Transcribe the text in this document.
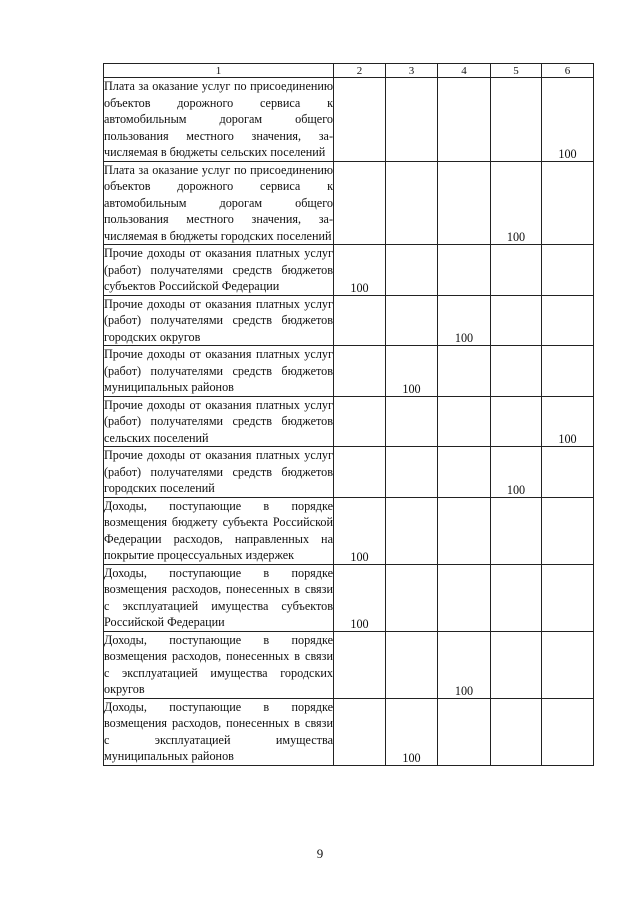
1	2	3	4	5	6
Плата за оказание услуг по присоединению объектов дорожного сервиса к автомобильным дорогам общего пользования местного значения, зачисляемая в бюджеты сельских поселений					100
Плата за оказание услуг по присоединению объектов дорожного сервиса к автомобильным дорогам общего пользования местного значения, зачисляемая в бюджеты городских поселений				100	
Прочие доходы от оказания платных услуг (работ) получателями средств бюджетов субъектов Российской Федерации	100				
Прочие доходы от оказания платных услуг (работ) получателями средств бюджетов городских округов			100		
Прочие доходы от оказания платных услуг (работ) получателями средств бюджетов муниципальных районов		100			
Прочие доходы от оказания платных услуг (работ) получателями средств бюджетов сельских поселений					100
Прочие доходы от оказания платных услуг (работ) получателями средств бюджетов городских поселений				100	
Доходы, поступающие в порядке возмещения бюджету субъекта Российской Федерации расходов, направленных на покрытие процессуальных издержек	100				
Доходы, поступающие в порядке возмещения расходов, понесенных в связи с эксплуатацией имущества субъектов Российской Федерации	100				
Доходы, поступающие в порядке возмещения расходов, понесенных в связи с эксплуатацией имущества городских округов			100		
Доходы, поступающие в порядке возмещения расходов, понесенных в связи с эксплуатацией имущества муниципальных районов		100			
9
